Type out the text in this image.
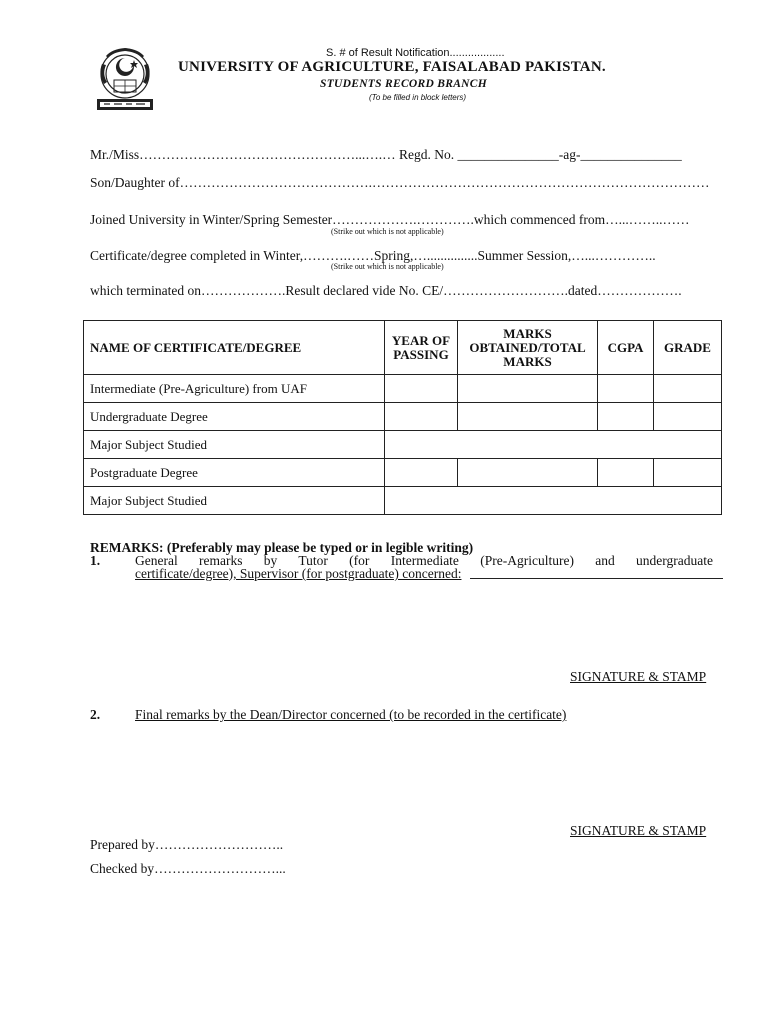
S. # of Result Notification..................
UNIVERSITY OF AGRICULTURE, FAISALABAD PAKISTAN.
STUDENTS RECORD BRANCH
(To be filled in block letters)
Mr./Miss…………………………………………...….… Regd. No. _______________-ag-_______________
Son/Daughter of…………………………………….…………………………………………………………………
Joined University in Winter/Spring Semester……………….………….which commenced from…...……..……
(Strike out which is not applicable)
Certificate/degree completed in Winter,……….……Spring,…...............Summer Session,…...…………..
(Strike out which is not applicable)
which terminated on……………….Result declared vide No. CE/……………………….dated……………….
NAME OF CERTIFICATE/DEGREE	YEAR OF PASSING	MARKS OBTAINED/TOTAL MARKS	CGPA	GRADE
Intermediate (Pre-Agriculture) from UAF				
Undergraduate Degree				
Major Subject Studied				
Postgraduate Degree				
Major Subject Studied				
REMARKS: (Preferably may please be typed or in legible writing)
1.	General remarks by Tutor (for Intermediate (Pre-Agriculture) and undergraduate
certificate/degree), Supervisor (for postgraduate) concerned:
SIGNATURE & STAMP
2.	Final remarks by the Dean/Director concerned (to be recorded in the certificate)
SIGNATURE & STAMP
Prepared by………………………..
Checked by………………………...
